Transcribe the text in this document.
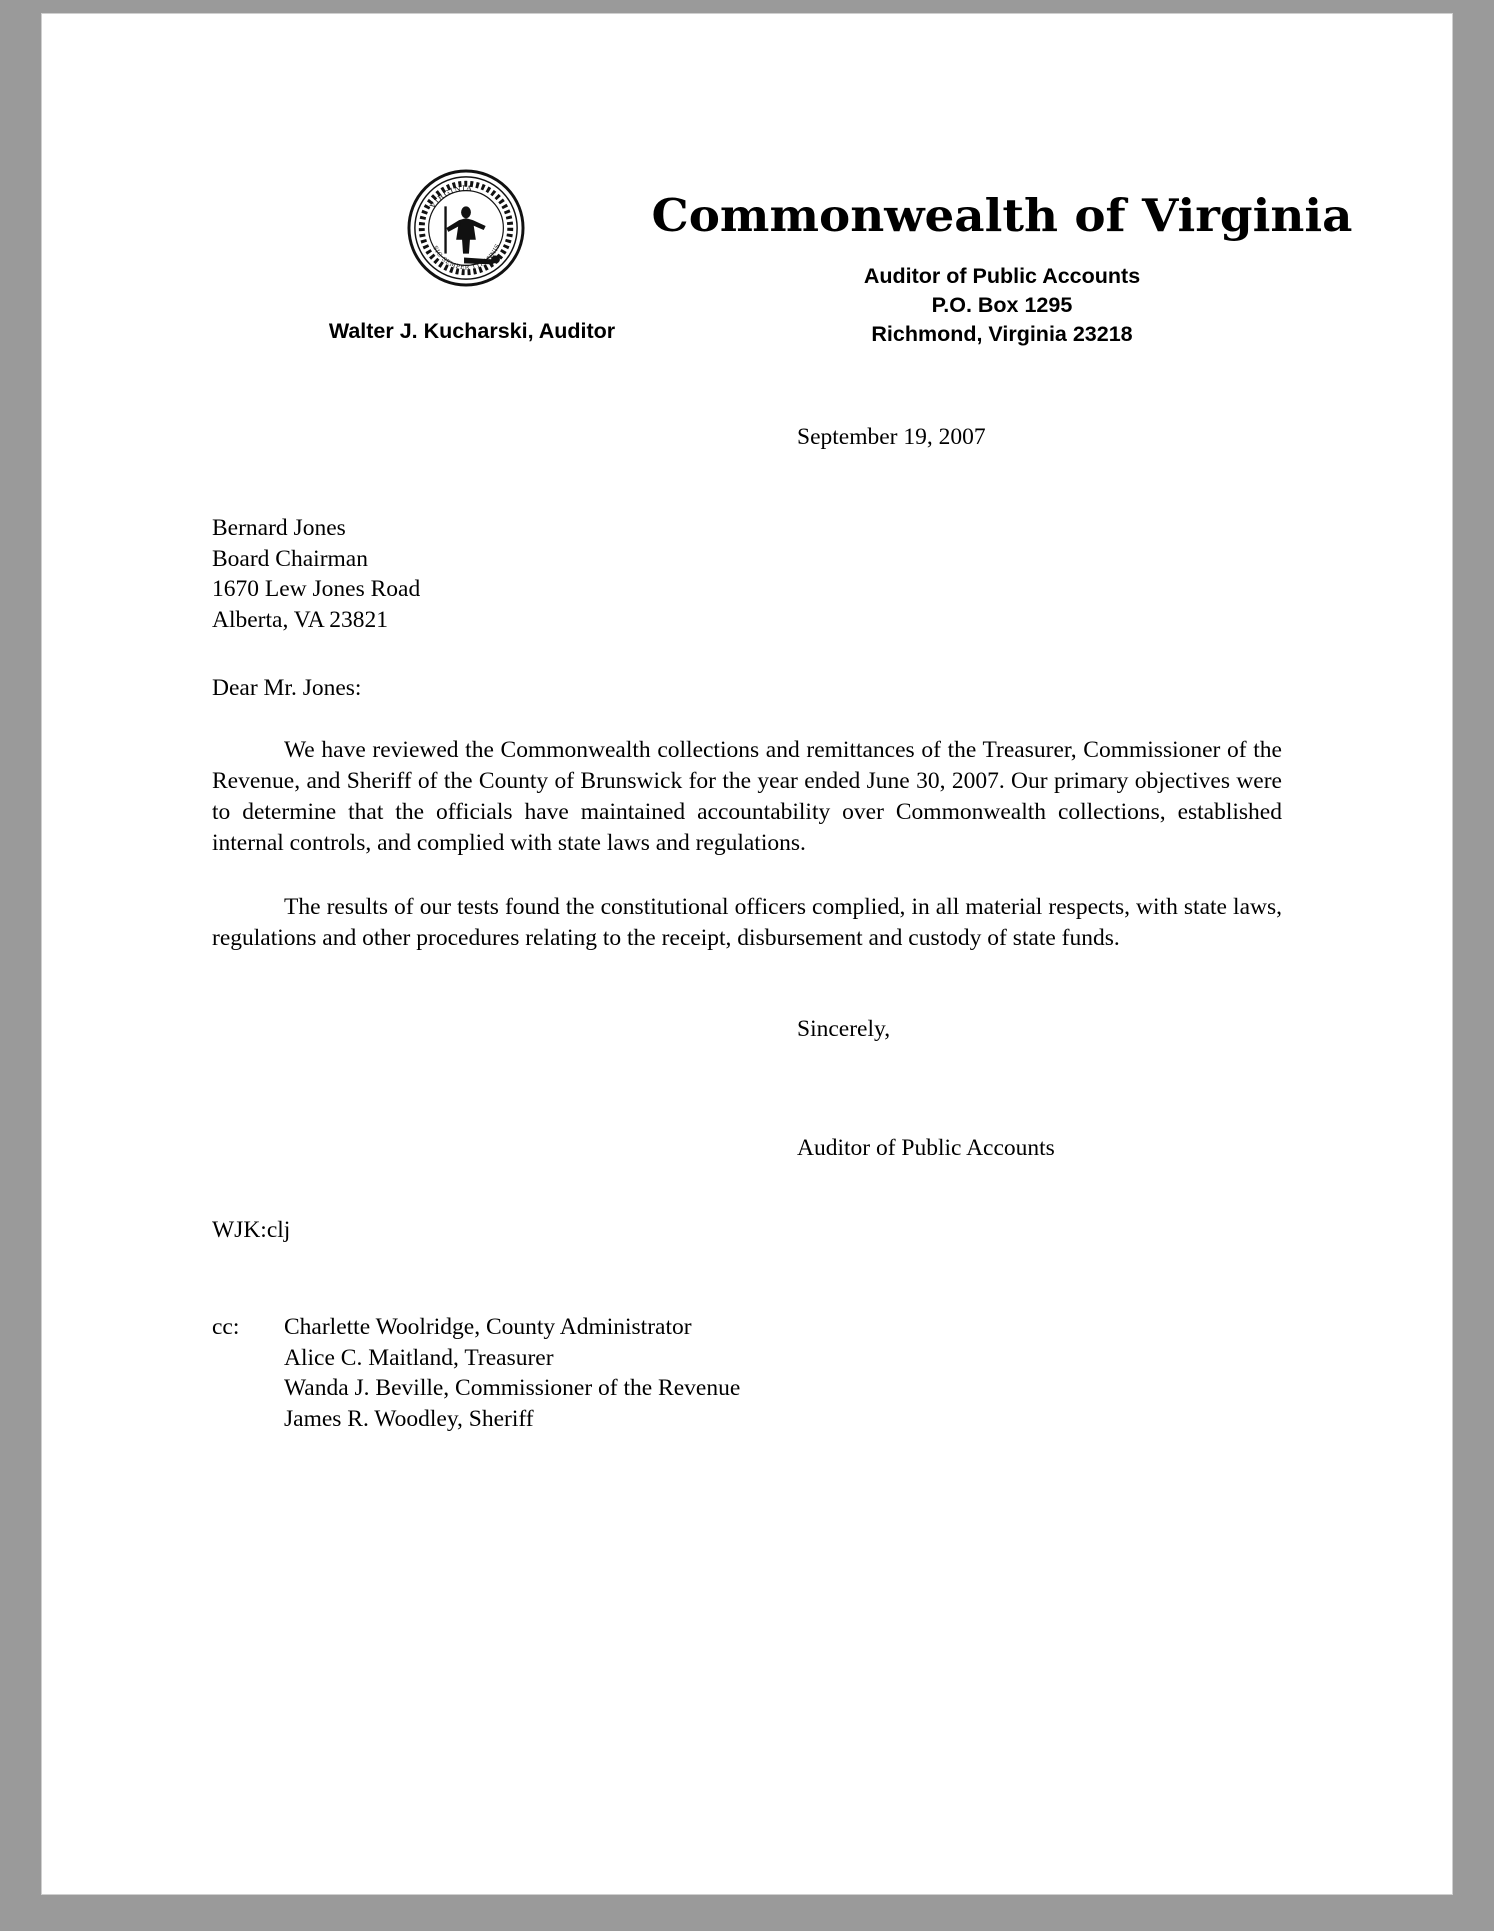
VIRGINIA
SIC SEMPER TYRANNIS
Commonwealth of Virginia
Auditor of Public Accounts
P.O. Box 1295
Richmond, Virginia 23218
Walter J. Kucharski, Auditor
September 19, 2007
Bernard Jones
Board Chairman
1670 Lew Jones Road
Alberta, VA 23821
Dear Mr. Jones:
We have reviewed the Commonwealth collections and remittances of the Treasurer, Commissioner of the Revenue, and Sheriff of the County of Brunswick for the year ended June 30, 2007. Our primary objectives were to determine that the officials have maintained accountability over Commonwealth collections, established internal controls, and complied with state laws and regulations.
The results of our tests found the constitutional officers complied, in all material respects, with state laws, regulations and other procedures relating to the receipt, disbursement and custody of state funds.
Sincerely,
Auditor of Public Accounts
WJK:clj
cc:	Charlette Woolridge, County Administrator
Alice C. Maitland, Treasurer
Wanda J. Beville, Commissioner of the Revenue
James R. Woodley, Sheriff
